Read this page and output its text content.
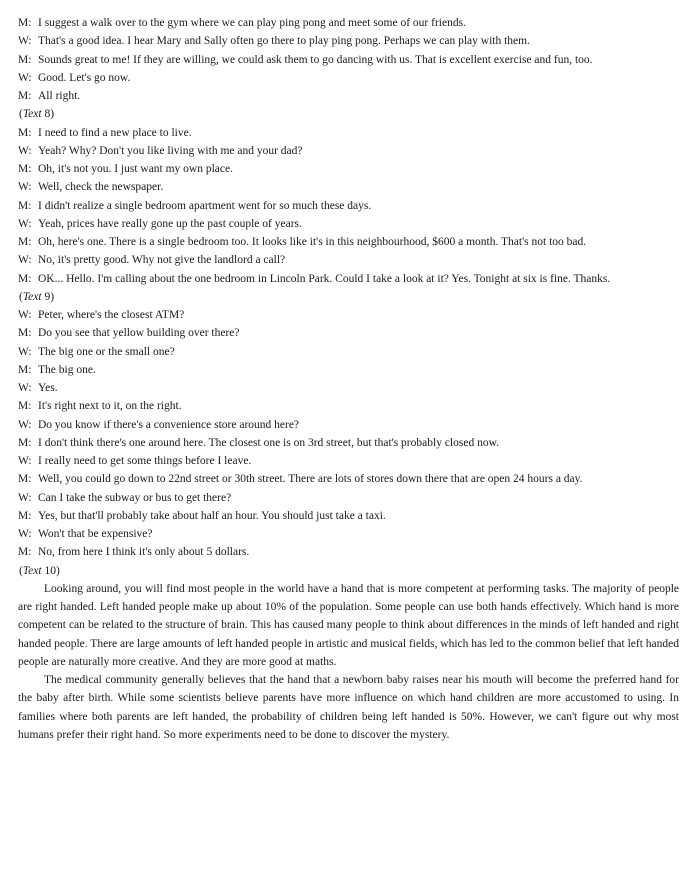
M: I suggest a walk over to the gym where we can play ping pong and meet some of our friends.
W: That's a good idea. I hear Mary and Sally often go there to play ping pong. Perhaps we can play with them.
M: Sounds great to me! If they are willing, we could ask them to go dancing with us. That is excellent exercise and fun, too.
W: Good. Let's go now.
M: All right.
(Text 8)
M: I need to find a new place to live.
W: Yeah? Why? Don't you like living with me and your dad?
M: Oh, it's not you. I just want my own place.
W: Well, check the newspaper.
M: I didn't realize a single bedroom apartment went for so much these days.
W: Yeah, prices have really gone up the past couple of years.
M: Oh, here's one. There is a single bedroom too. It looks like it's in this neighbourhood, $600 a month. That's not too bad.
W: No, it's pretty good. Why not give the landlord a call?
M: OK... Hello. I'm calling about the one bedroom in Lincoln Park. Could I take a look at it? Yes. Tonight at six is fine. Thanks.
(Text 9)
W: Peter, where's the closest ATM?
M: Do you see that yellow building over there?
W: The big one or the small one?
M: The big one.
W: Yes.
M: It's right next to it, on the right.
W: Do you know if there's a convenience store around here?
M: I don't think there's one around here. The closest one is on 3rd street, but that's probably closed now.
W: I really need to get some things before I leave.
M: Well, you could go down to 22nd street or 30th street. There are lots of stores down there that are open 24 hours a day.
W: Can I take the subway or bus to get there?
M: Yes, but that'll probably take about half an hour. You should just take a taxi.
W: Won't that be expensive?
M: No, from here I think it's only about 5 dollars.
(Text 10)

Looking around, you will find most people in the world have a hand that is more competent at performing tasks. The majority of people are right handed. Left handed people make up about 10% of the population. Some people can use both hands effectively. Which hand is more competent can be related to the structure of brain. This has caused many people to think about differences in the minds of left handed and right handed people. There are large amounts of left handed people in artistic and musical fields, which has led to the common belief that left handed people are naturally more creative. And they are more good at maths.

The medical community generally believes that the hand that a newborn baby raises near his mouth will become the preferred hand for the baby after birth. While some scientists believe parents have more influence on which hand children are more accustomed to using. In families where both parents are left handed, the probability of children being left handed is 50%. However, we can't figure out why most humans prefer their right hand. So more experiments need to be done to discover the mystery.
